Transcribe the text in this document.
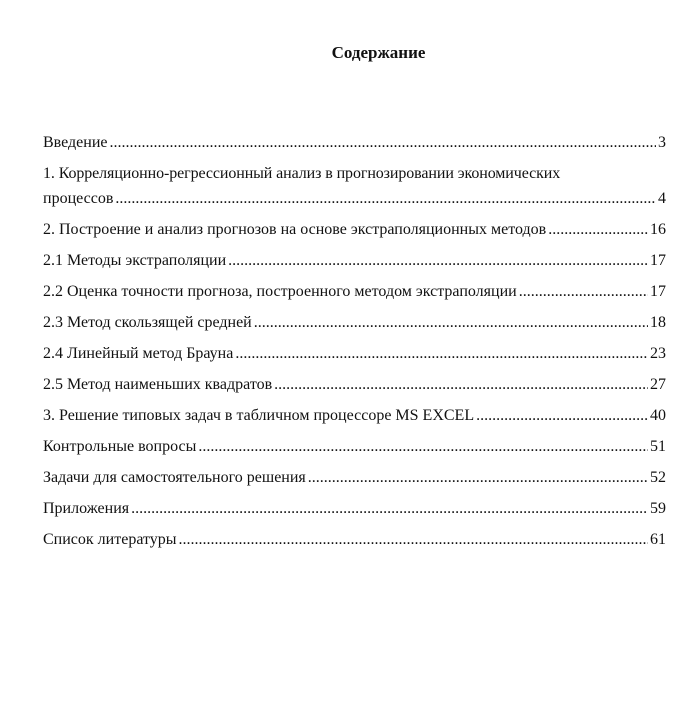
Содержание
Введение .....	3
1. Корреляционно-регрессионный анализ в прогнозировании экономических
процессов .....	4
2. Построение и анализ прогнозов на основе экстраполяционных методов .....	16
2.1 Методы экстраполяции .....	17
2.2 Оценка точности прогноза, построенного методом экстраполяции .....	17
2.3 Метод скользящей средней .....	18
2.4 Линейный метод Брауна .....	23
2.5 Метод наименьших квадратов .....	27
3. Решение типовых задач в табличном процессоре MS EXCEL .....	40
Контрольные вопросы .....	51
Задачи для самостоятельного решения .....	52
Приложения .....	59
Список литературы .....	61
